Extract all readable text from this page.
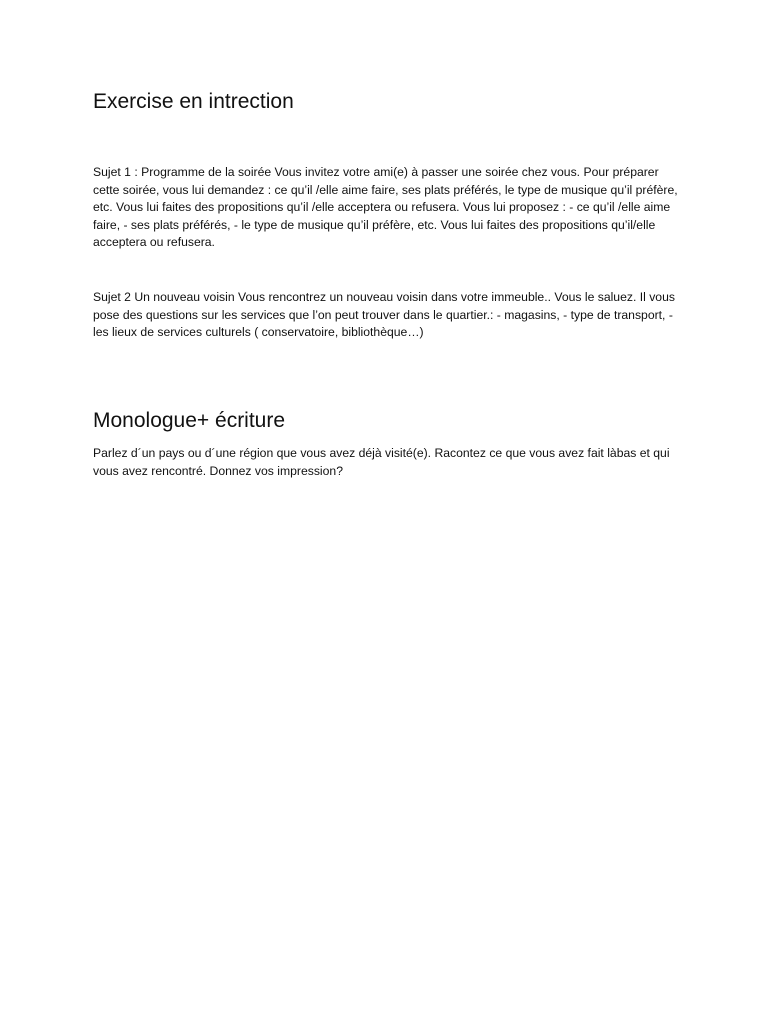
Exercise en intrection

Sujet 1 : Programme de la soirée Vous invitez votre ami(e) à passer une soirée chez vous. Pour préparer cette soirée, vous lui demandez : ce qu’il /elle aime faire, ses plats préférés, le type de musique qu’il préfère, etc. Vous lui faites des propositions qu’il /elle acceptera ou refusera. Vous lui proposez : - ce qu’il /elle aime faire, - ses plats préférés, - le type de musique qu’il préfère, etc. Vous lui faites des propositions qu’il/elle acceptera ou refusera.

Sujet 2 Un nouveau voisin Vous rencontrez un nouveau voisin dans votre immeuble.. Vous le saluez. Il vous pose des questions sur les services que l’on peut trouver dans le quartier.: - magasins, - type de transport, - les lieux de services culturels ( conservatoire, bibliothèque…)

Monologue+ écriture

Parlez d´un pays ou d´une région que vous avez déjà visité(e). Racontez ce que vous avez fait làbas et qui vous avez rencontré. Donnez vos impression?
